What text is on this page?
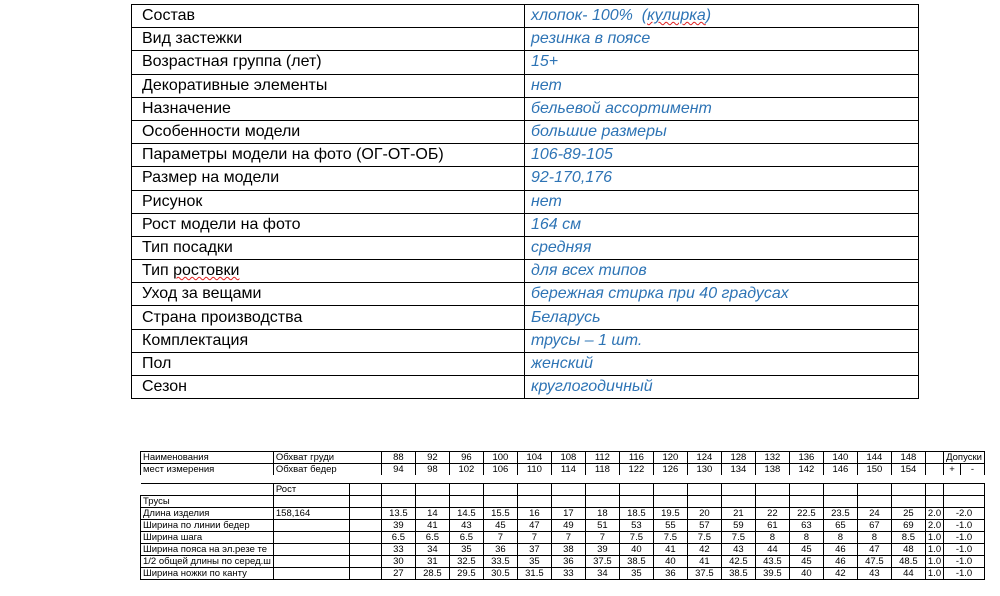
Состав	хлопок- 100%  (кулирка)
Вид застежки	резинка в поясе
Возрастная группа (лет)	15+
Декоративные элементы	нет
Назначение	бельевой ассортимент
Особенности модели	большие размеры
Параметры модели на фото (ОГ-ОТ-ОБ)	106-89-105
Размер на модели	92-170,176
Рисунок	нет
Рост модели на фото	164 см
Тип посадки	средняя
Тип ростовки	для всех типов
Уход за вещами	бережная стирка при 40 градусах
Страна производства	Беларусь
Комплектация	трусы – 1 шт.
Пол	женский
Сезон	круглогодичный
Наименования	Обхват груди		88	92	96	100	104	108	112	116	120	124	128	132	136	140	144	148		Допуски	
мест измерения	Обхват бедер		94	98	102	106	110	114	118	122	126	130	134	138	142	146	150	154		+	-

	Рост																				
Трусы																					
Длина изделия	158,164		13.5	14	14.5	15.5	16	17	18	18.5	19.5	20	21	22	22.5	23.5	24	25	2.0	-2.0	
Ширина по линии бедер			39	41	43	45	47	49	51	53	55	57	59	61	63	65	67	69	2.0	-1.0	
Ширина шага			6.5	6.5	6.5	7	7	7	7	7.5	7.5	7.5	7.5	8	8	8	8	8.5	1.0	-1.0	
Ширина пояса на эл.резе те			33	34	35	36	37	38	39	40	41	42	43	44	45	46	47	48	1.0	-1.0	
1/2 общей длины по серед.ш			30	31	32.5	33.5	35	36	37.5	38.5	40	41	42.5	43.5	45	46	47.5	48.5	1.0	-1.0	
Ширина ножки по канту			27	28.5	29.5	30.5	31.5	33	34	35	36	37.5	38.5	39.5	40	42	43	44	1.0	-1.0	
